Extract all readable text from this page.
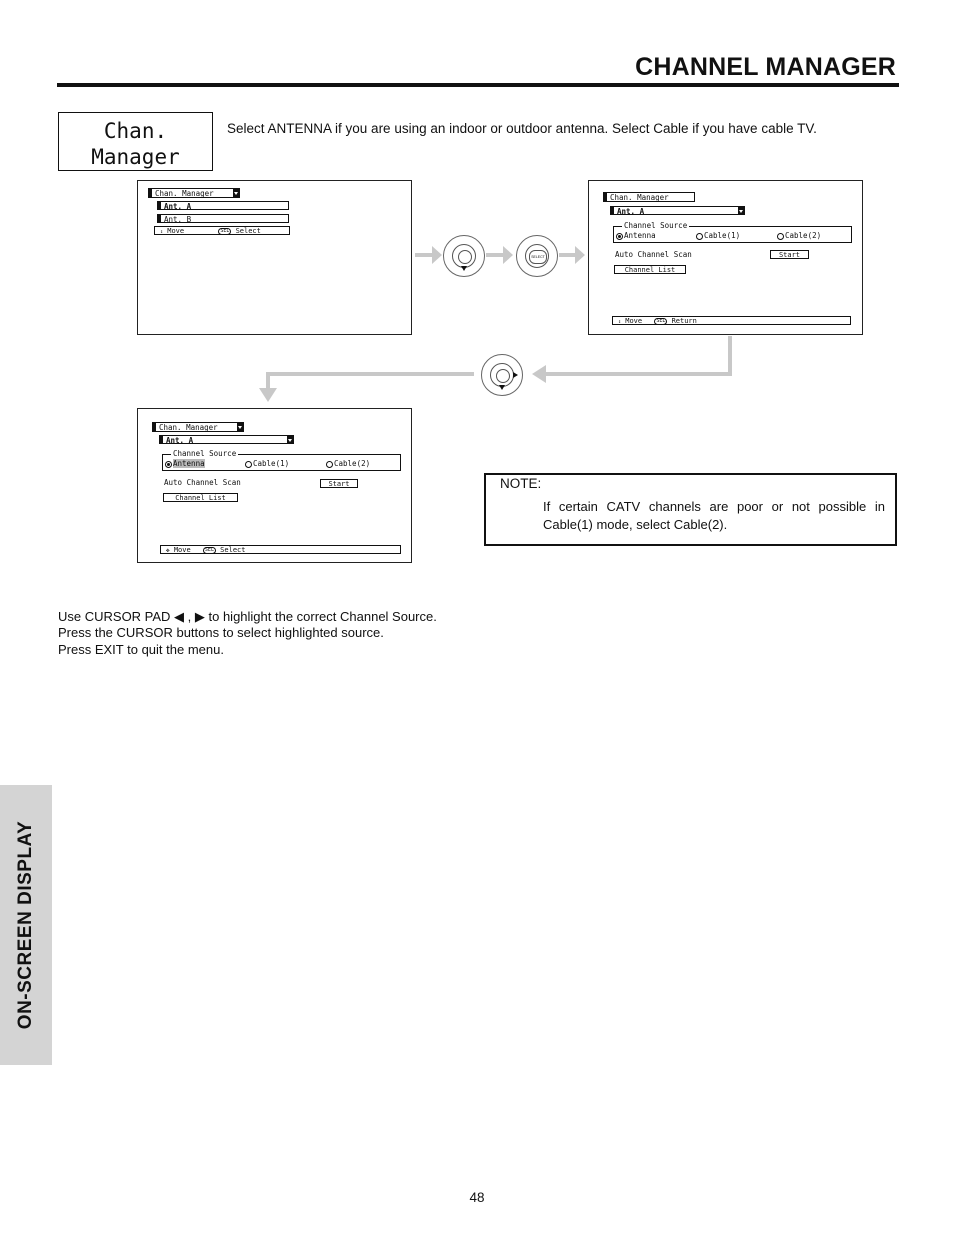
CHANNEL MANAGER
Chan.
Manager
Select ANTENNA if you are using an indoor or outdoor antenna. Select Cable if you have cable TV.
Chan. Manager
Ant. A
Ant. B
↕ Move	SEL Select
SELECT
Chan. Manager
Ant. A
Channel Source
Antenna	Cable(1)	Cable(2)
Auto Channel Scan	Start
Channel List
↕ Move	SEL Return
Chan. Manager
Ant. A
Channel Source
Antenna	Cable(1)	Cable(2)
Auto Channel Scan	Start
Channel List
✥ Move	SEL Select
NOTE:
If certain CATV channels are poor or not possible in Cable(1) mode, select Cable(2).
Use CURSOR PAD ◀ , ▶ to highlight the correct Channel Source.
Press the CURSOR buttons to select highlighted source.
Press EXIT to quit the menu.
ON-SCREEN DISPLAY
48
